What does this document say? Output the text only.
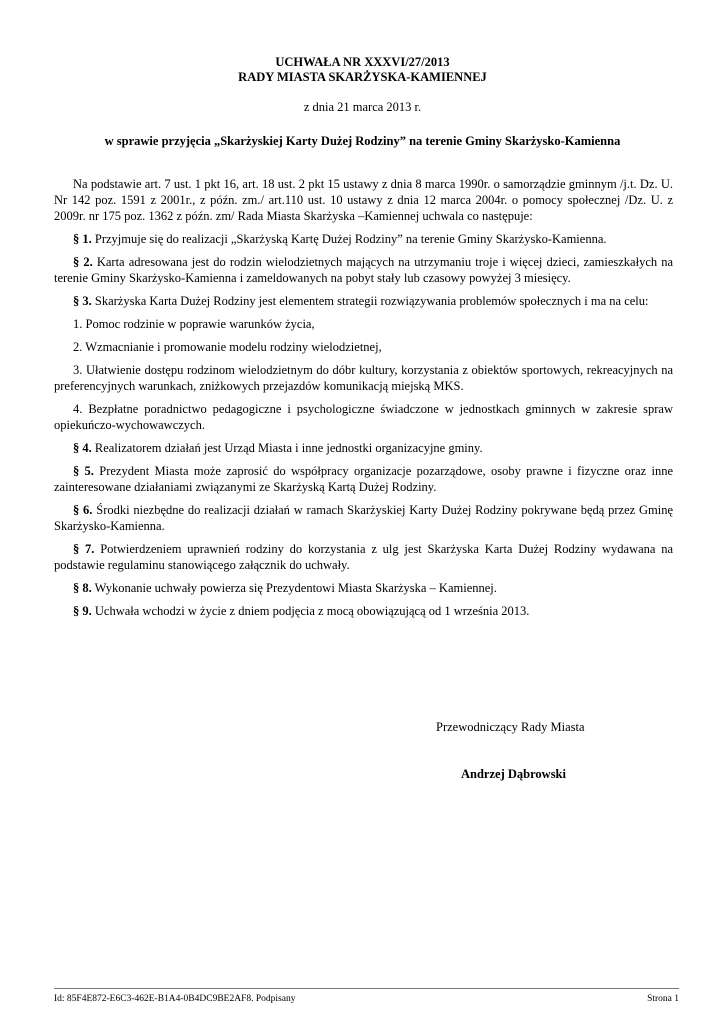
UCHWAŁA NR XXXVI/27/2013
RADY MIASTA SKARŻYSKA-KAMIENNEJ
z dnia 21 marca 2013 r.
w sprawie przyjęcia „Skarżyskiej Karty Dużej Rodziny” na terenie Gminy Skarżysko-Kamienna

Na podstawie art. 7 ust. 1 pkt 16, art. 18 ust. 2 pkt 15 ustawy z dnia 8 marca 1990r. o samorządzie gminnym /j.t. Dz. U. Nr 142 poz. 1591 z 2001r., z późn. zm./ art.110 ust. 10 ustawy z dnia 12 marca 2004r. o pomocy społecznej /Dz. U. z 2009r. nr 175 poz. 1362 z późn. zm/ Rada Miasta Skarżyska –Kamiennej uchwala co następuje:

§ 1. Przyjmuje się do realizacji „Skarżyską Kartę Dużej Rodziny” na terenie Gminy Skarżysko-Kamienna.

§ 2. Karta adresowana jest do rodzin wielodzietnych mających na utrzymaniu troje i więcej dzieci, zamieszkałych na terenie Gminy Skarżysko-Kamienna i zameldowanych na pobyt stały lub czasowy powyżej 3 miesięcy.

§ 3. Skarżyska Karta Dużej Rodziny jest elementem strategii rozwiązywania problemów społecznych i ma na celu:

1. Pomoc rodzinie w poprawie warunków życia,

2. Wzmacnianie i promowanie modelu rodziny wielodzietnej,

3. Ułatwienie dostępu rodzinom wielodzietnym do dóbr kultury, korzystania z obiektów sportowych, rekreacyjnych na preferencyjnych warunkach, zniżkowych przejazdów komunikacją miejską MKS.

4. Bezpłatne poradnictwo pedagogiczne i psychologiczne świadczone w jednostkach gminnych w zakresie spraw opiekuńczo-wychowawczych.

§ 4. Realizatorem działań jest Urząd Miasta i inne jednostki organizacyjne gminy.

§ 5. Prezydent Miasta może zaprosić do współpracy organizacje pozarządowe, osoby prawne i fizyczne oraz inne zainteresowane działaniami związanymi ze Skarżyską Kartą Dużej Rodziny.

§ 6. Środki niezbędne do realizacji działań w ramach Skarżyskiej Karty Dużej Rodziny pokrywane będą przez Gminę Skarżysko-Kamienna.

§ 7. Potwierdzeniem uprawnień rodziny do korzystania z ulg jest Skarżyska Karta Dużej Rodziny wydawana na podstawie regulaminu stanowiącego załącznik do uchwały.

§ 8. Wykonanie uchwały powierza się Prezydentowi Miasta Skarżyska – Kamiennej.

§ 9. Uchwała wchodzi w życie z dniem podjęcia z mocą obowiązującą od 1 września 2013.

Przewodniczący Rady Miasta
Andrzej Dąbrowski
Id: 85F4E872-E6C3-462E-B1A4-0B4DC9BE2AF8. Podpisany	Strona 1
